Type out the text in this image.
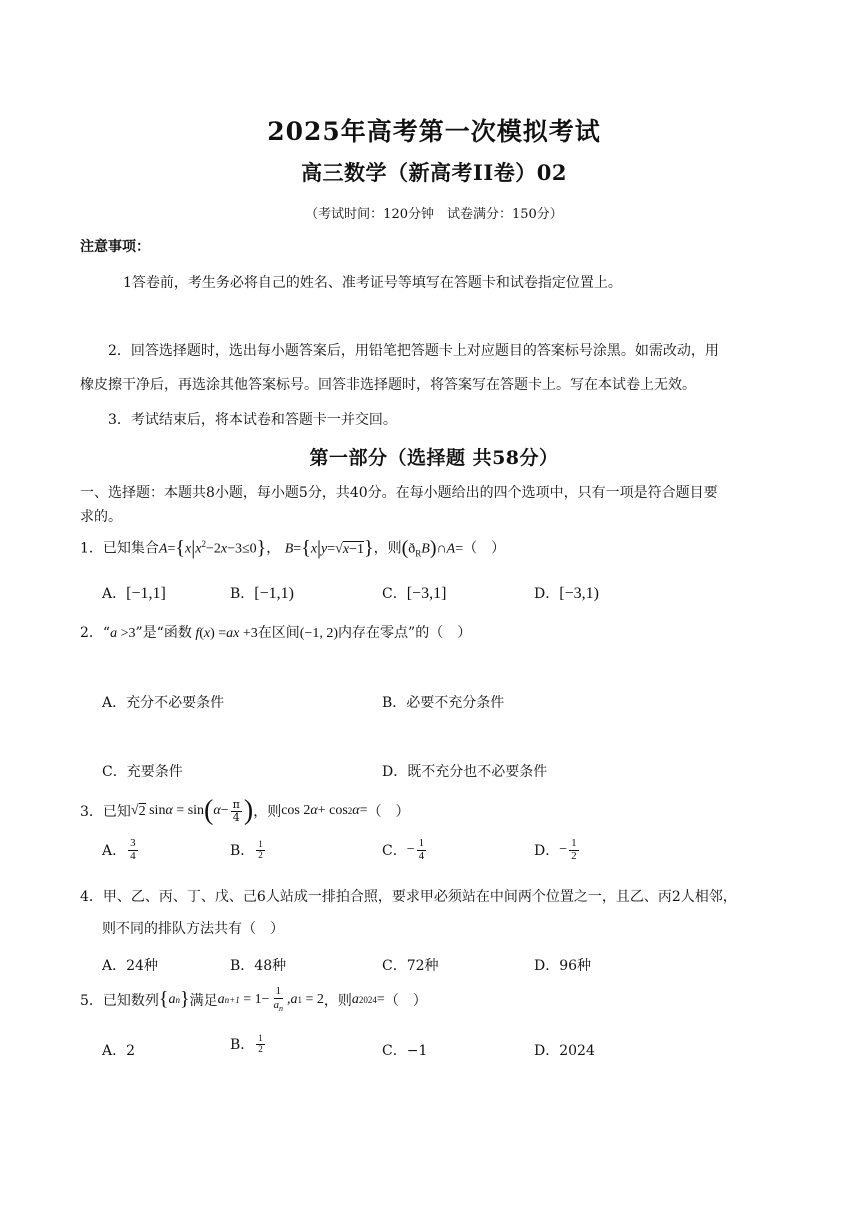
2025年高考第一次模拟考试
高三数学（新高考II卷）02
（考试时间：120分钟　试卷满分：150分）
注意事项：
1答卷前，考生务必将自己的姓名、准考证号等填写在答题卡和试卷指定位置上。
2．回答选择题时，选出每小题答案后，用铅笔把答题卡上对应题目的答案标号涂黑。如需改动，用
橡皮擦干净后，再选涂其他答案标号。回答非选择题时，将答案写在答题卡上。写在本试卷上无效。
3．考试结束后，将本试卷和答题卡一并交回。
第一部分（选择题 共58分）
一、选择题：本题共8小题，每小题5分，共40分。在每小题给出的四个选项中，只有一项是符合题目要
求的。
1．已知集合$A=\{x|x^2-2x-3\le 0\}$， B={x|y=√x−1}，则$(ð_RB)\cap A=$（　）
A．[−1,1]	B．[−1,1)	C．[−3,1]	D．[−3,1)
2．“a >3”是“函数 f(x) =ax +3在区间(−1, 2)内存在零点”的（　）
A．充分不必要条件	B．必要不充分条件
C．充要条件	D．既不充分也不必要条件
3． 已知 √ 2 sin α = sin ( $\alpha - \frac{\pi}{4}$ ) ，则 cos 2 α + cos 2 α = （　）
A． $\frac{3}{4}$	B． $\frac{1}{2}$	C． − $\frac{1}{4}$	D． − $\frac{1}{2}$
4．甲、乙、丙、丁、戊、己6人站成一排拍合照，要求甲必须站在中间两个位置之一，且乙、丙2人相邻，
则不同的排队方法共有（　）
A．24种	B．48种	C．72种	D．96种
5． 已知数列 { a n } 满足 a $n+1 = 1- \frac{1}{a_n}$ , a 1 = 2 ，则 a 2024 = （　）
A．2	B． $\frac{1}{2}$	C．−1	D．2024
